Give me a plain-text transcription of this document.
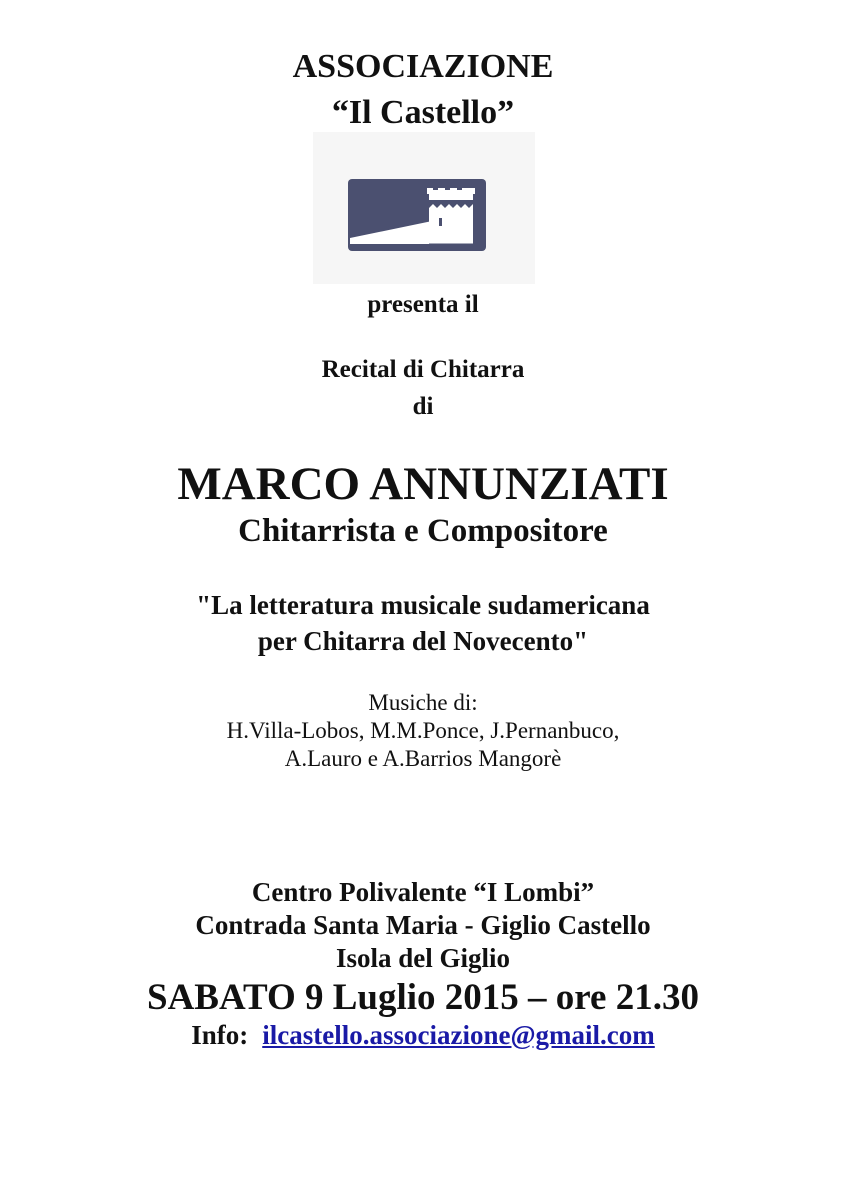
ASSOCIAZIONE
“Il Castello”
presenta il
Recital di Chitarra
di
MARCO ANNUNZIATI
Chitarrista e Compositore
"La letteratura musicale sudamericana
per Chitarra del Novecento"
Musiche di:
H.Villa-Lobos, M.M.Ponce, J.Pernanbuco,
A.Lauro e A.Barrios Mangorè
Centro Polivalente “I Lombi”
Contrada Santa Maria - Giglio Castello
Isola del Giglio
SABATO 9 Luglio 2015 – ore 21.30
Info: ilcastello.associazione@gmail.com
